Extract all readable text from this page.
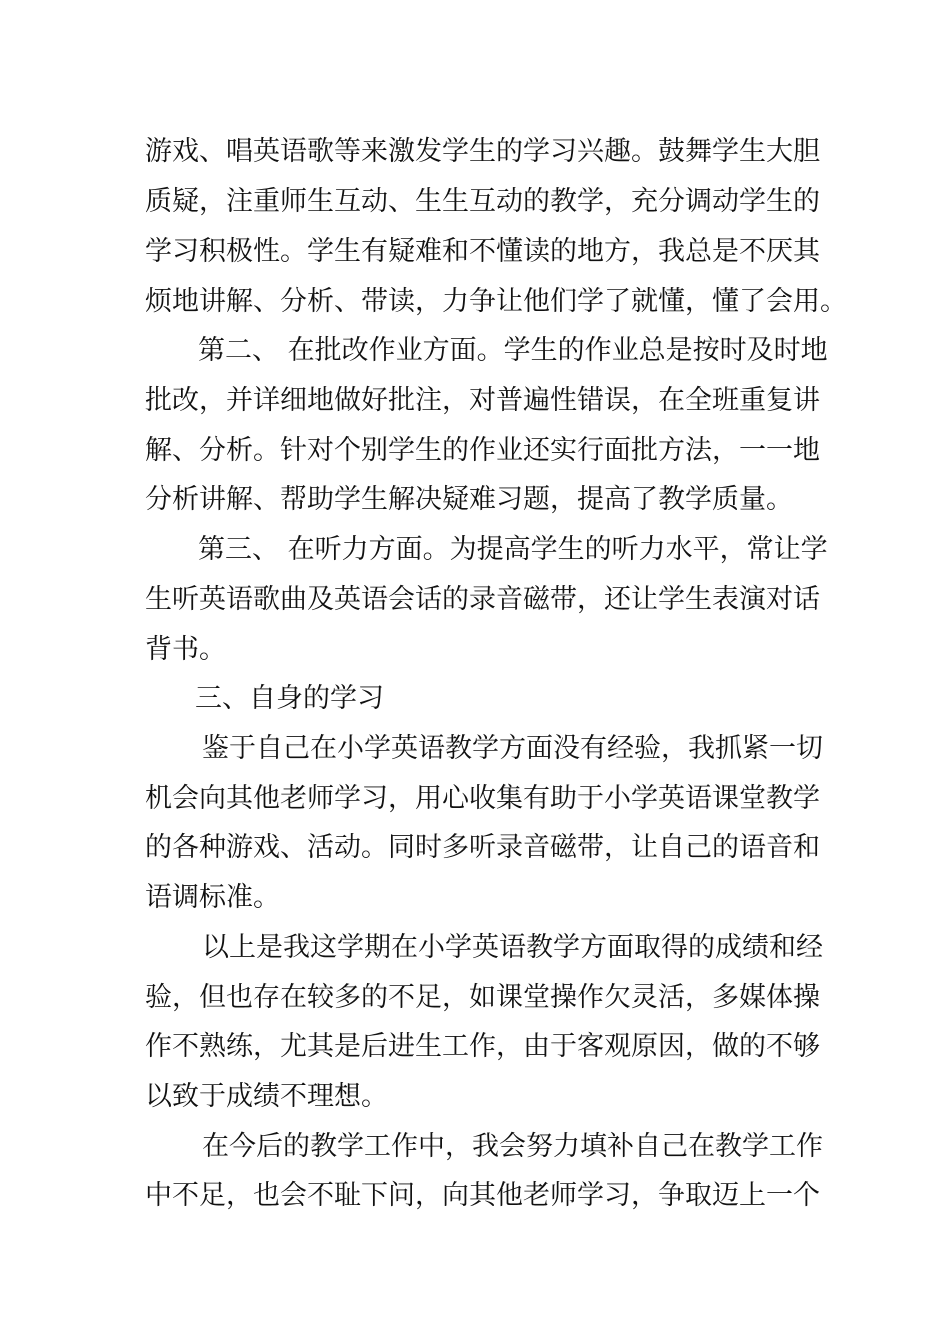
游戏、唱英语歌等来激发学生的学习兴趣。鼓舞学生大胆
质疑，注重师生互动、生生互动的教学，充分调动学生的
学习积极性。学生有疑难和不懂读的地方，我总是不厌其
烦地讲解、分析、带读，力争让他们学了就懂，懂了会用。
第二、 在批改作业方面。学生的作业总是按时及时地
批改，并详细地做好批注，对普遍性错误，在全班重复讲
解、分析。针对个别学生的作业还实行面批方法，一一地
分析讲解、帮助学生解决疑难习题，提高了教学质量。
第三、 在听力方面。为提高学生的听力水平，常让学
生听英语歌曲及英语会话的录音磁带，还让学生表演对话
背书。
三、自身的学习
鉴于自己在小学英语教学方面没有经验，我抓紧一切
机会向其他老师学习，用心收集有助于小学英语课堂教学
的各种游戏、活动。同时多听录音磁带，让自己的语音和
语调标准。
以上是我这学期在小学英语教学方面取得的成绩和经
验，但也存在较多的不足，如课堂操作欠灵活，多媒体操
作不熟练，尤其是后进生工作，由于客观原因，做的不够
以致于成绩不理想。
在今后的教学工作中，我会努力填补自己在教学工作
中不足，也会不耻下问，向其他老师学习，争取迈上一个
